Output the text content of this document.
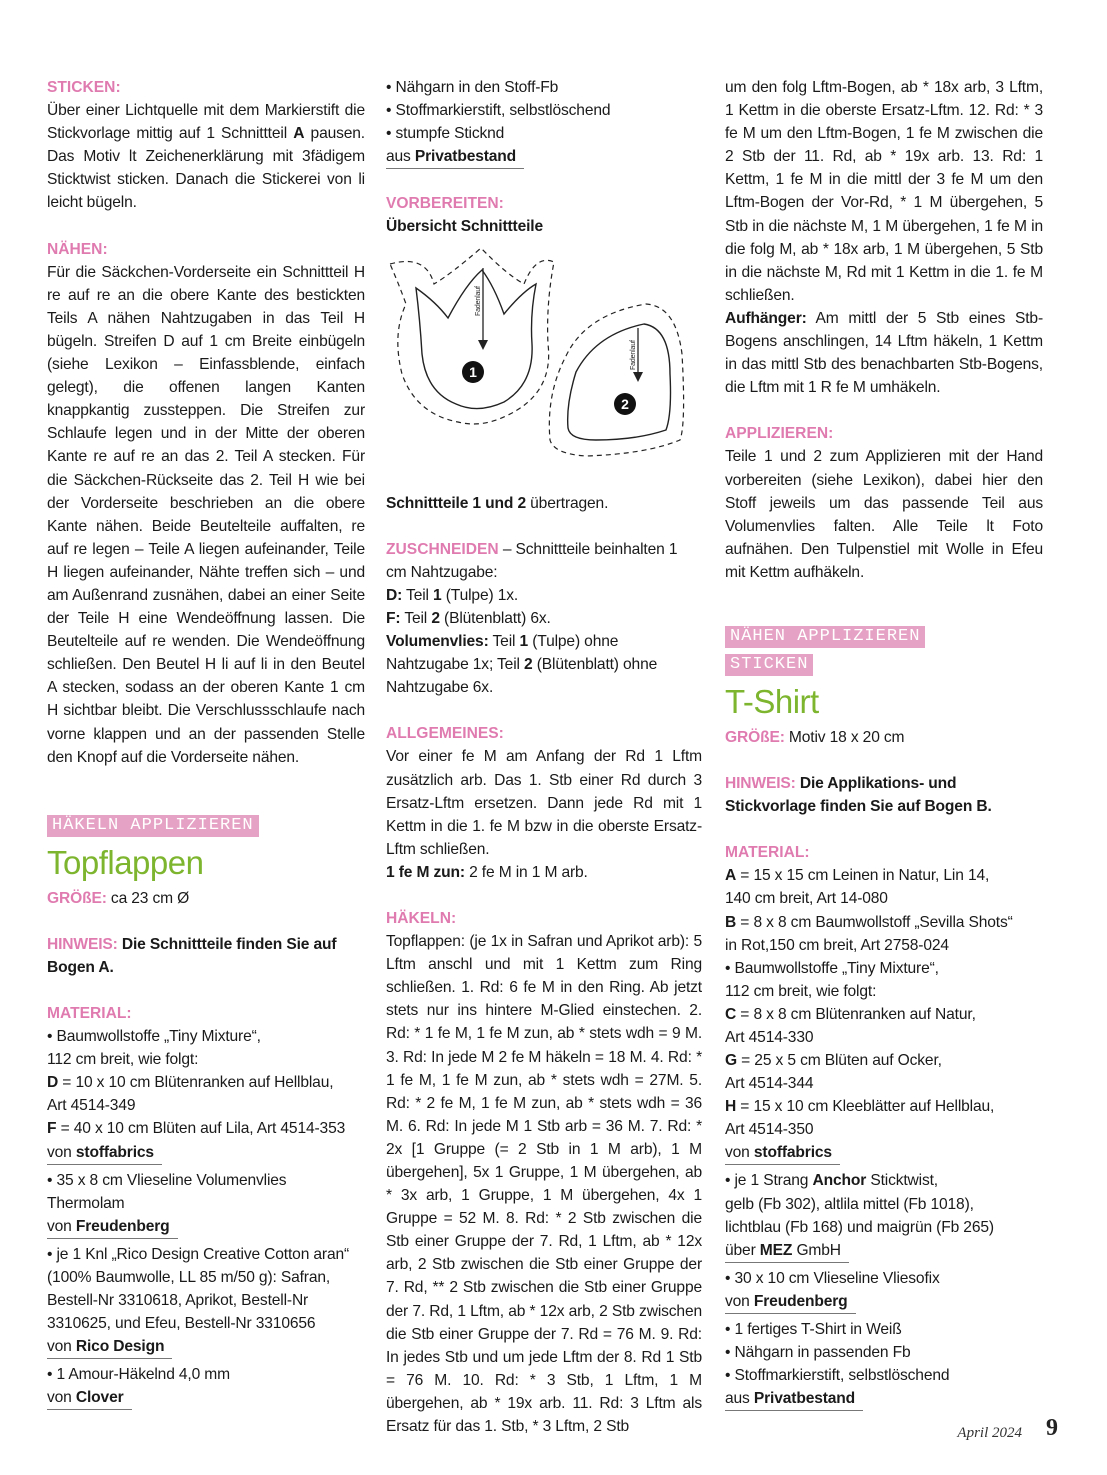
STICKEN:

Über einer Lichtquelle mit dem Markierstift die Stickvorlage mittig auf 1 Schnittteil A pausen. Das Motiv lt Zeichenerklärung mit 3fädigem Sticktwist sticken. Danach die Stickerei von li leicht bügeln.

NÄHEN:

Für die Säckchen-Vorderseite ein Schnittteil H re auf re an die obere Kante des bestickten Teils A nähen Nahtzugaben in das Teil H bügeln. Streifen D auf 1 cm Breite einbügeln (siehe Lexikon – Einfassblende, einfach gelegt), die offenen langen Kanten knappkantig zussteppen. Die Streifen zur Schlaufe legen und in der Mitte der oberen Kante re auf re an das 2. Teil A stecken. Für die Säckchen-Rückseite das 2. Teil H wie bei der Vorderseite beschrieben an die obere Kante nähen. Beide Beutelteile auffalten, re auf re legen – Teile A liegen aufeinander, Teile H liegen aufeinander, Nähte treffen sich – und am Außenrand zusnähen, dabei an einer Seite der Teile H eine Wendeöffnung lassen. Die Beutelteile auf re wenden. Die Wendeöffnung schließen. Den Beutel H li auf li in den Beutel A stecken, sodass an der oberen Kante 1 cm H sichtbar bleibt. Die Verschlussschlaufe nach vorne klappen und an der passenden Stelle den Knopf auf die Vorderseite nähen.

HÄKELN APPLIZIEREN
Topflappen

GRÖßE: ca 23 cm Ø

HINWEIS: Die Schnittteile finden Sie auf Bogen A.

MATERIAL:

• Baumwollstoffe „Tiny Mixture“,

112 cm breit, wie folgt:

D = 10 x 10 cm Blütenranken auf Hellblau,

Art 4514-349

F = 40 x 10 cm Blüten auf Lila, Art 4514-353

von stoffabrics

• 35 x 8 cm Vlieseline Volumenvlies

Thermolam

von Freudenberg

• je 1 Knl „Rico Design Creative Cotton aran“

(100% Baumwolle, LL 85 m/50 g): Safran,

Bestell-Nr 3310618, Aprikot, Bestell-Nr

3310625, und Efeu, Bestell-Nr 3310656

von Rico Design

• 1 Amour-Häkelnd 4,0 mm

von Clover

• Nähgarn in den Stoff-Fb

• Stoffmarkierstift, selbstlöschend

• stumpfe Sticknd

aus Privatbestand

VORBEREITEN:

Übersicht Schnittteile

Fadenlauf
1
Fadenlauf
2

Schnittteile 1 und 2 übertragen.

ZUSCHNEIDEN – Schnittteile beinhalten 1 cm Nahtzugabe:

D: Teil 1 (Tulpe) 1x.

F: Teil 2 (Blütenblatt) 6x.

Volumenvlies: Teil 1 (Tulpe) ohne Nahtzugabe 1x; Teil 2 (Blütenblatt) ohne Nahtzugabe 6x.

ALLGEMEINES:

Vor einer fe M am Anfang der Rd 1 Lftm zusätzlich arb. Das 1. Stb einer Rd durch 3 Ersatz-Lftm ersetzen. Dann jede Rd mit 1 Kettm in die 1. fe M bzw in die oberste Ersatz-Lftm schließen.

1 fe M zun: 2 fe M in 1 M arb.

HÄKELN:

Topflappen: (je 1x in Safran und Aprikot arb): 5 Lftm anschl und mit 1 Kettm zum Ring schließen. 1. Rd: 6 fe M in den Ring. Ab jetzt stets nur ins hintere M-Glied einstechen. 2. Rd: * 1 fe M, 1 fe M zun, ab * stets wdh = 9 M. 3. Rd: In jede M 2 fe M häkeln = 18 M. 4. Rd: * 1 fe M, 1 fe M zun, ab * stets wdh = 27M. 5. Rd: * 2 fe M, 1 fe M zun, ab * stets wdh = 36 M. 6. Rd: In jede M 1 Stb arb = 36 M. 7. Rd: * 2x [1 Gruppe (= 2 Stb in 1 M arb), 1 M übergehen], 5x 1 Gruppe, 1 M übergehen, ab * 3x arb, 1 Gruppe, 1 M übergehen, 4x 1 Gruppe = 52 M. 8. Rd: * 2 Stb zwischen die Stb einer Gruppe der 7. Rd, 1 Lftm, ab * 12x arb, 2 Stb zwischen die Stb einer Gruppe der 7. Rd, ** 2 Stb zwischen die Stb einer Gruppe der 7. Rd, 1 Lftm, ab * 12x arb, 2 Stb zwischen die Stb einer Gruppe der 7. Rd = 76 M. 9. Rd: In jedes Stb und um jede Lftm der 8. Rd 1 Stb = 76 M. 10. Rd: * 3 Stb, 1 Lftm, 1 M übergehen, ab * 19x arb. 11. Rd: 3 Lftm als Ersatz für das 1. Stb, * 3 Lftm, 2 Stb

um den folg Lftm-Bogen, ab * 18x arb, 3 Lftm, 1 Kettm in die oberste Ersatz-Lftm. 12. Rd: * 3 fe M um den Lftm-Bogen, 1 fe M zwischen die 2 Stb der 11. Rd, ab * 19x arb. 13. Rd: 1 Kettm, 1 fe M in die mittl der 3 fe M um den Lftm-Bogen der Vor-Rd, * 1 M übergehen, 5 Stb in die nächste M, 1 M übergehen, 1 fe M in die folg M, ab * 18x arb, 1 M übergehen, 5 Stb in die nächste M, Rd mit 1 Kettm in die 1. fe M schließen.

Aufhänger: Am mittl der 5 Stb eines Stb-Bogens anschlingen, 14 Lftm häkeln, 1 Kettm in das mittl Stb des benachbarten Stb-Bogens, die Lftm mit 1 R fe M umhäkeln.

APPLIZIEREN:

Teile 1 und 2 zum Applizieren mit der Hand vorbereiten (siehe Lexikon), dabei hier den Stoff jeweils um das passende Teil aus Volumenvlies falten. Alle Teile lt Foto aufnähen. Den Tulpenstiel mit Wolle in Efeu mit Kettm aufhäkeln.

NÄHEN APPLIZIEREN
STICKEN
T-Shirt

GRÖßE: Motiv 18 x 20 cm

HINWEIS: Die Applikations- und Stickvorlage finden Sie auf Bogen B.

MATERIAL:

A = 15 x 15 cm Leinen in Natur, Lin 14,

140 cm breit, Art 14-080

B = 8 x 8 cm Baumwollstoff „Sevilla Shots“

in Rot,150 cm breit, Art 2758-024

• Baumwollstoffe „Tiny Mixture“,

112 cm breit, wie folgt:

C = 8 x 8 cm Blütenranken auf Natur,

Art 4514-330

G = 25 x 5 cm Blüten auf Ocker,

Art 4514-344

H = 15 x 10 cm Kleeblätter auf Hellblau,

Art 4514-350

von stoffabrics

• je 1 Strang Anchor Sticktwist,

gelb (Fb 302), altlila mittel (Fb 1018),

lichtblau (Fb 168) und maigrün (Fb 265)

über MEZ GmbH

• 30 x 10 cm Vlieseline Vliesofix

von Freudenberg

• 1 fertiges T-Shirt in Weiß

• Nähgarn in passenden Fb

• Stoffmarkierstift, selbstlöschend

aus Privatbestand

April 2024 9
